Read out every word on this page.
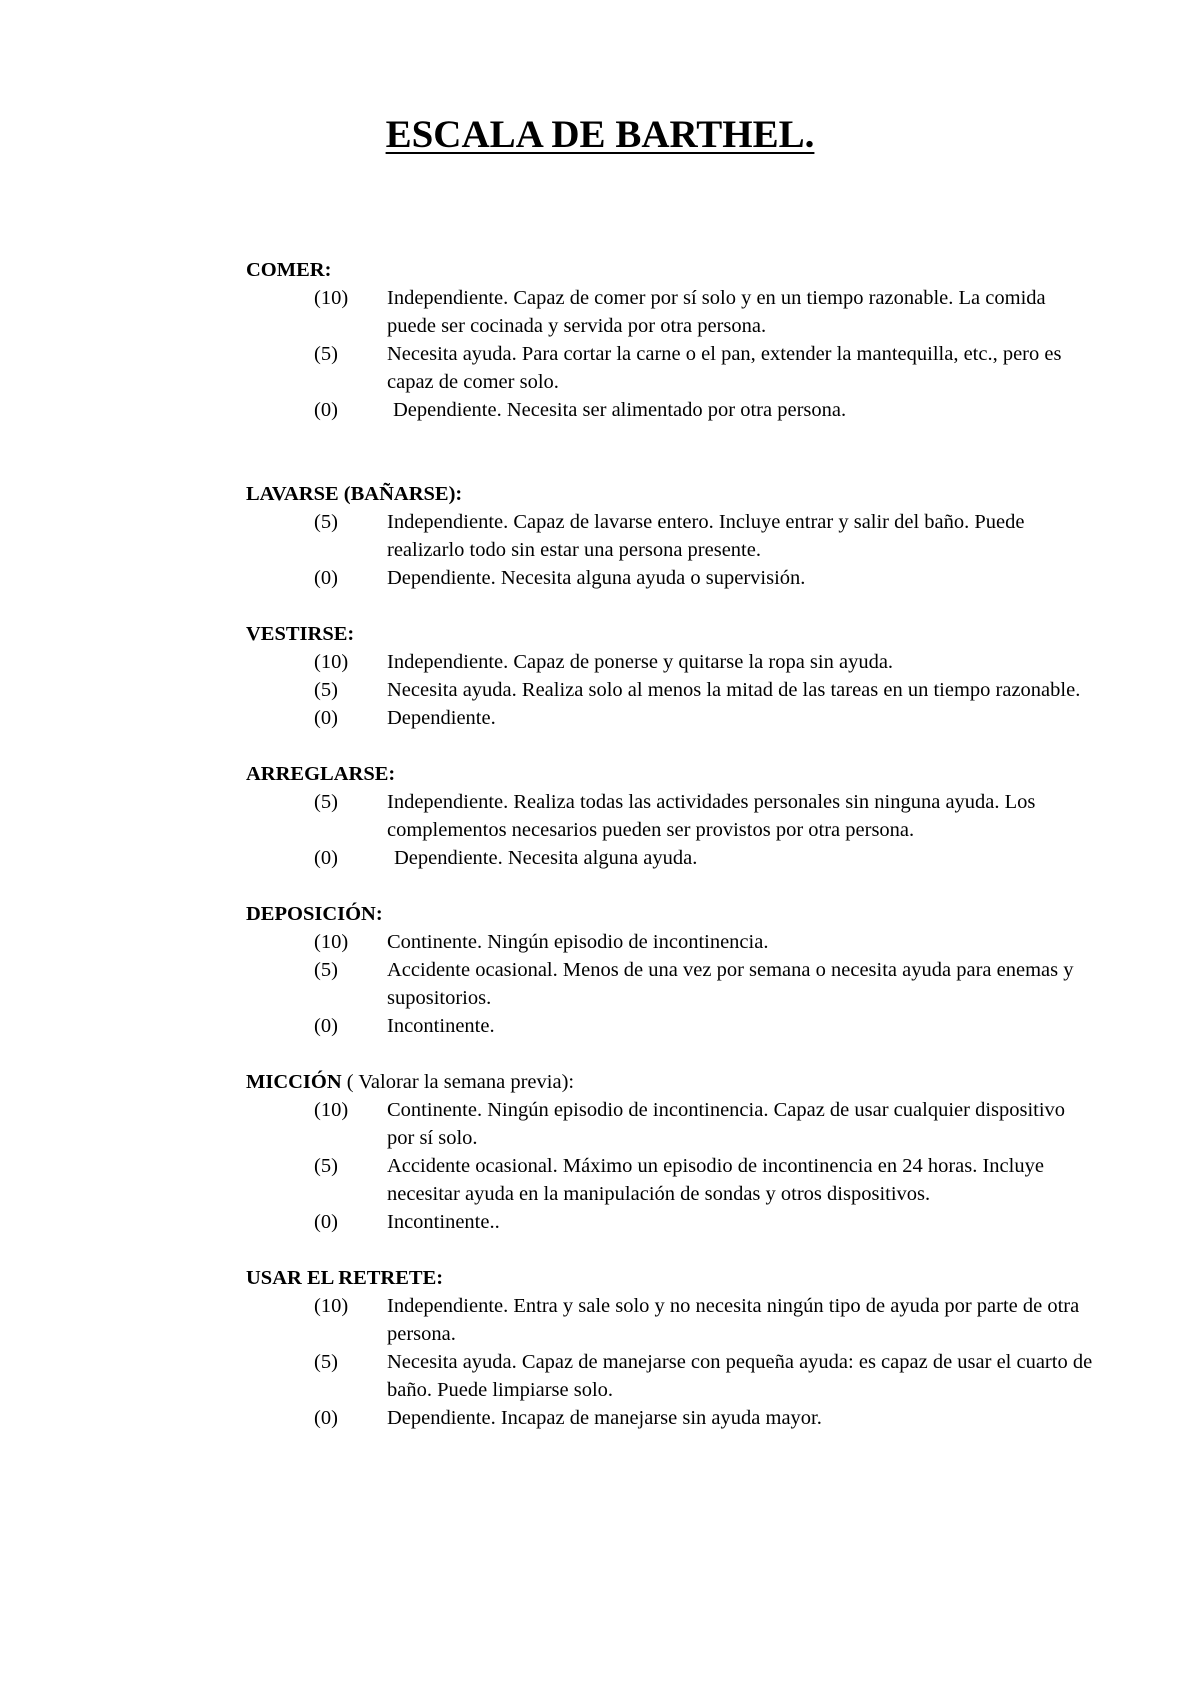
ESCALA DE BARTHEL.
COMER:
(10)	Independiente. Capaz de comer por sí solo y en un tiempo razonable. La comida puede ser cocinada y servida por otra persona.
(5)	Necesita ayuda. Para cortar la carne o el pan, extender la mantequilla, etc., pero es capaz de comer solo.
(0)	Dependiente. Necesita ser alimentado por otra persona.
LAVARSE (BAÑARSE):
(5)	Independiente. Capaz de lavarse entero. Incluye entrar y salir del baño. Puede realizarlo todo sin estar una persona presente.
(0)	Dependiente. Necesita alguna ayuda o supervisión.
VESTIRSE:
(10)	Independiente. Capaz de ponerse y quitarse la ropa sin ayuda.
(5)	Necesita ayuda. Realiza solo al menos la mitad de las tareas en un tiempo razonable.
(0)	Dependiente.
ARREGLARSE:
(5)	Independiente. Realiza todas las actividades personales sin ninguna ayuda. Los complementos necesarios pueden ser provistos por otra persona.
(0)	Dependiente. Necesita alguna ayuda.
DEPOSICIÓN:
(10)	Continente. Ningún episodio de incontinencia.
(5)	Accidente ocasional. Menos de una vez por semana o necesita ayuda para enemas y supositorios.
(0)	Incontinente.
MICCIÓN ( Valorar la semana previa):
(10)	Continente. Ningún episodio de incontinencia. Capaz de usar cualquier dispositivo por sí solo.
(5)	Accidente ocasional. Máximo un episodio de incontinencia en 24 horas. Incluye necesitar ayuda en la manipulación de sondas y otros dispositivos.
(0)	Incontinente..
USAR EL RETRETE:
(10)	Independiente. Entra y sale solo y no necesita ningún tipo de ayuda por parte de otra persona.
(5)	Necesita ayuda. Capaz de manejarse con pequeña ayuda: es capaz de usar el cuarto de baño. Puede limpiarse solo.
(0)	Dependiente. Incapaz de manejarse sin ayuda mayor.
